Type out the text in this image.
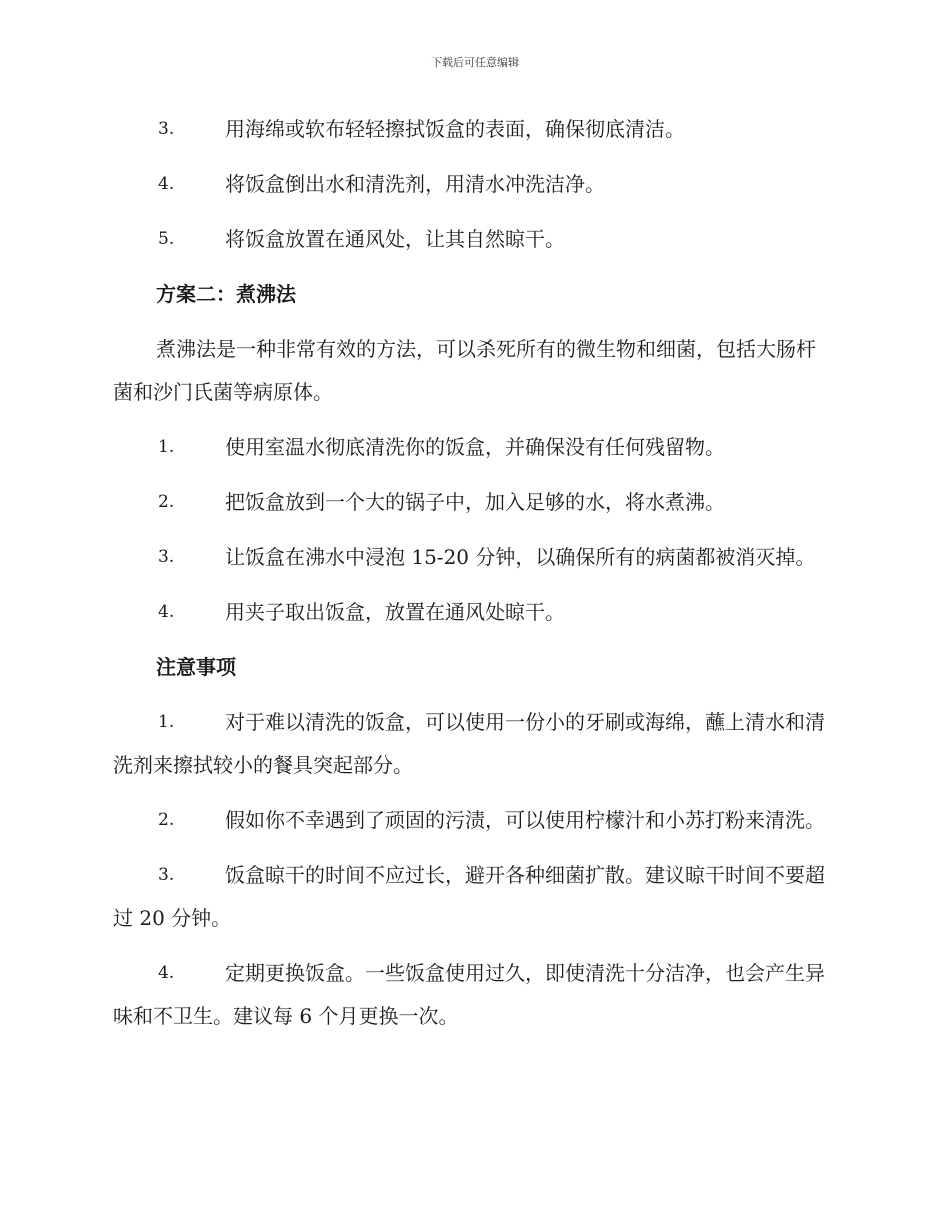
下载后可任意编辑
3.	用海绵或软布轻轻擦拭饭盒的表面，确保彻底清洁。
4.	将饭盒倒出水和清洗剂，用清水冲洗洁净。
5.	将饭盒放置在通风处，让其自然晾干。
方案二：煮沸法
煮沸法是一种非常有效的方法，可以杀死所有的微生物和细菌，包括大肠杆菌和沙门氏菌等病原体。
1.	使用室温水彻底清洗你的饭盒，并确保没有任何残留物。
2.	把饭盒放到一个大的锅子中，加入足够的水，将水煮沸。
3.	让饭盒在沸水中浸泡 15-20 分钟，以确保所有的病菌都被消灭掉。
4.	用夹子取出饭盒，放置在通风处晾干。
注意事项
1.	对于难以清洗的饭盒，可以使用一份小的牙刷或海绵，蘸上清水和清洗剂来擦拭较小的餐具突起部分。
2.	假如你不幸遇到了顽固的污渍，可以使用柠檬汁和小苏打粉来清洗。
3.	饭盒晾干的时间不应过长，避开各种细菌扩散。建议晾干时间不要超过 20 分钟。
4.	定期更换饭盒。一些饭盒使用过久，即使清洗十分洁净，也会产生异味和不卫生。建议每 6 个月更换一次。
